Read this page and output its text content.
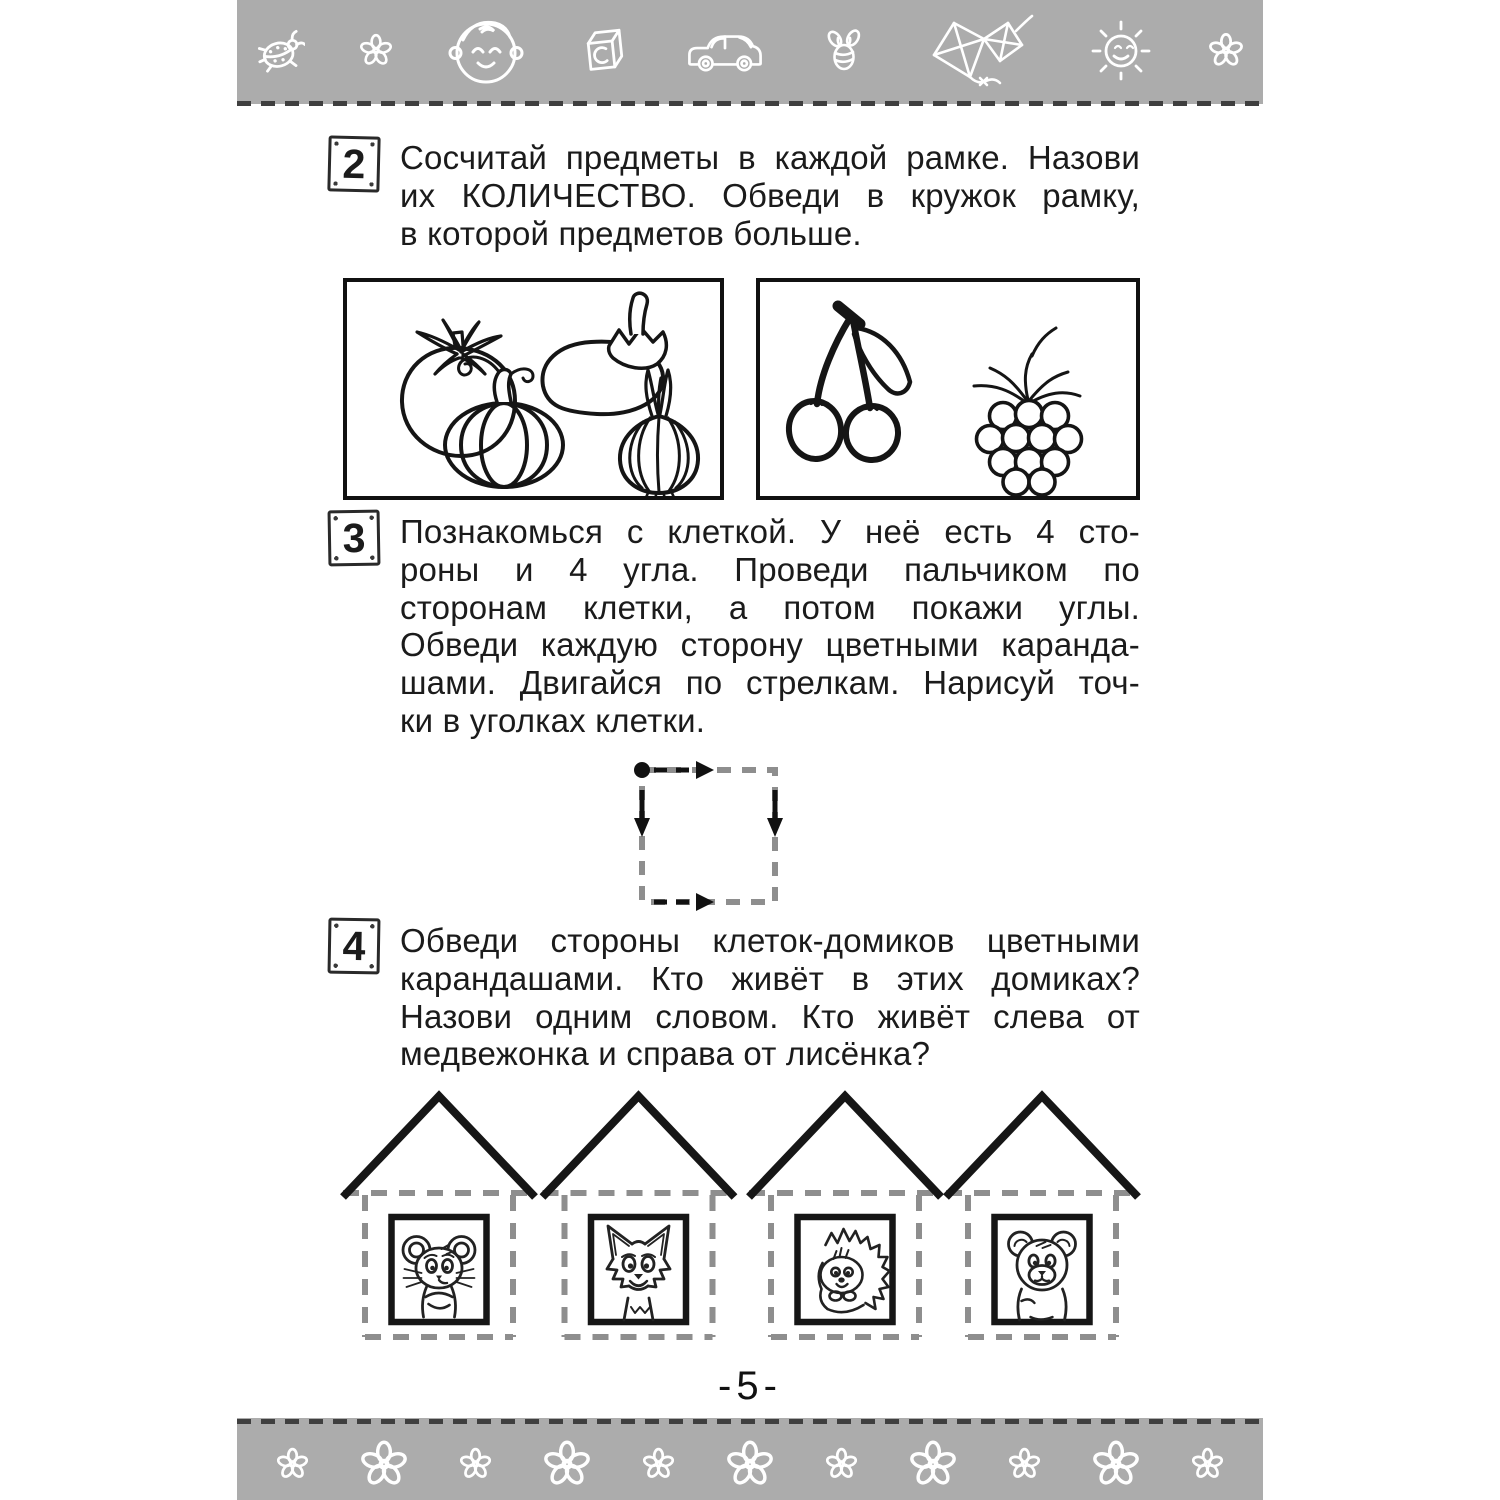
2 Сосчитай предметы в каждой рамке. Назови
их КОЛИЧЕСТВО. Обведи в кружок рамку,
в которой предметов больше.
3 Познакомься с клеткой. У неё есть 4 сто-
роны и 4 угла. Проведи пальчиком по
сторонам клетки, а потом покажи углы.
Обведи каждую сторону цветными каранда-
шами. Двигайся по стрелкам. Нарисуй точ-
ки в уголках клетки.
4 Обведи стороны клеток-домиков цветными
карандашами. Кто живёт в этих домиках?
Назови одним словом. Кто живёт слева от
медвежонка и справа от лисёнка?
-5-
